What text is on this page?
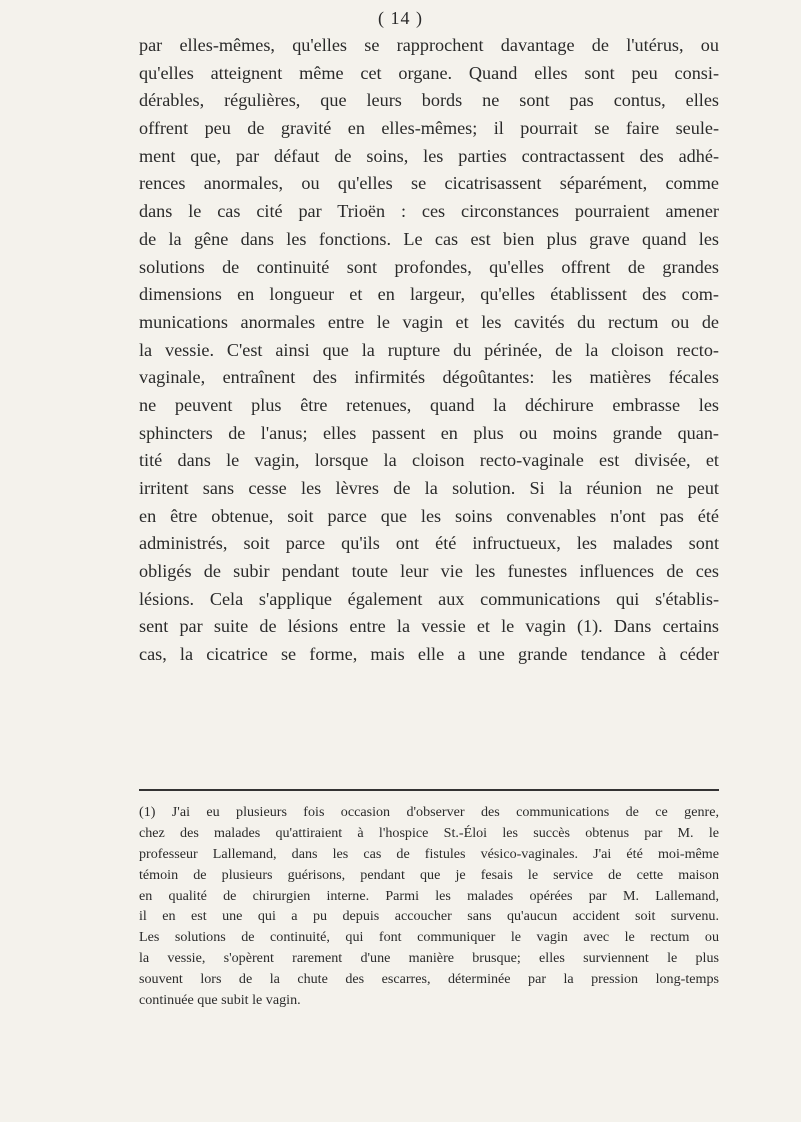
( 14 )
par elles-mêmes, qu'elles se rapprochent davantage de l'utérus, ou
qu'elles atteignent même cet organe. Quand elles sont peu consi-
dérables, régulières, que leurs bords ne sont pas contus, elles
offrent peu de gravité en elles-mêmes; il pourrait se faire seule-
ment que, par défaut de soins, les parties contractassent des adhé-
rences anormales, ou qu'elles se cicatrisassent séparément, comme
dans le cas cité par Trioën : ces circonstances pourraient amener
de la gêne dans les fonctions. Le cas est bien plus grave quand les
solutions de continuité sont profondes, qu'elles offrent de grandes
dimensions en longueur et en largeur, qu'elles établissent des com-
munications anormales entre le vagin et les cavités du rectum ou de
la vessie. C'est ainsi que la rupture du périnée, de la cloison recto-
vaginale, entraînent des infirmités dégoûtantes: les matières fécales
ne peuvent plus être retenues, quand la déchirure embrasse les
sphincters de l'anus; elles passent en plus ou moins grande quan-
tité dans le vagin, lorsque la cloison recto-vaginale est divisée, et
irritent sans cesse les lèvres de la solution. Si la réunion ne peut
en être obtenue, soit parce que les soins convenables n'ont pas été
administrés, soit parce qu'ils ont été infructueux, les malades sont
obligés de subir pendant toute leur vie les funestes influences de ces
lésions. Cela s'applique également aux communications qui s'établis-
sent par suite de lésions entre la vessie et le vagin (1). Dans certains
cas, la cicatrice se forme, mais elle a une grande tendance à céder
(1) J'ai eu plusieurs fois occasion d'observer des communications de ce genre,
chez des malades qu'attiraient à l'hospice St.-Éloi les succès obtenus par M. le
professeur Lallemand, dans les cas de fistules vésico-vaginales. J'ai été moi-même
témoin de plusieurs guérisons, pendant que je fesais le service de cette maison
en qualité de chirurgien interne. Parmi les malades opérées par M. Lallemand,
il en est une qui a pu depuis accoucher sans qu'aucun accident soit survenu.
Les solutions de continuité, qui font communiquer le vagin avec le rectum ou
la vessie, s'opèrent rarement d'une manière brusque; elles surviennent le plus
souvent lors de la chute des escarres, déterminée par la pression long-temps
continuée que subit le vagin.
